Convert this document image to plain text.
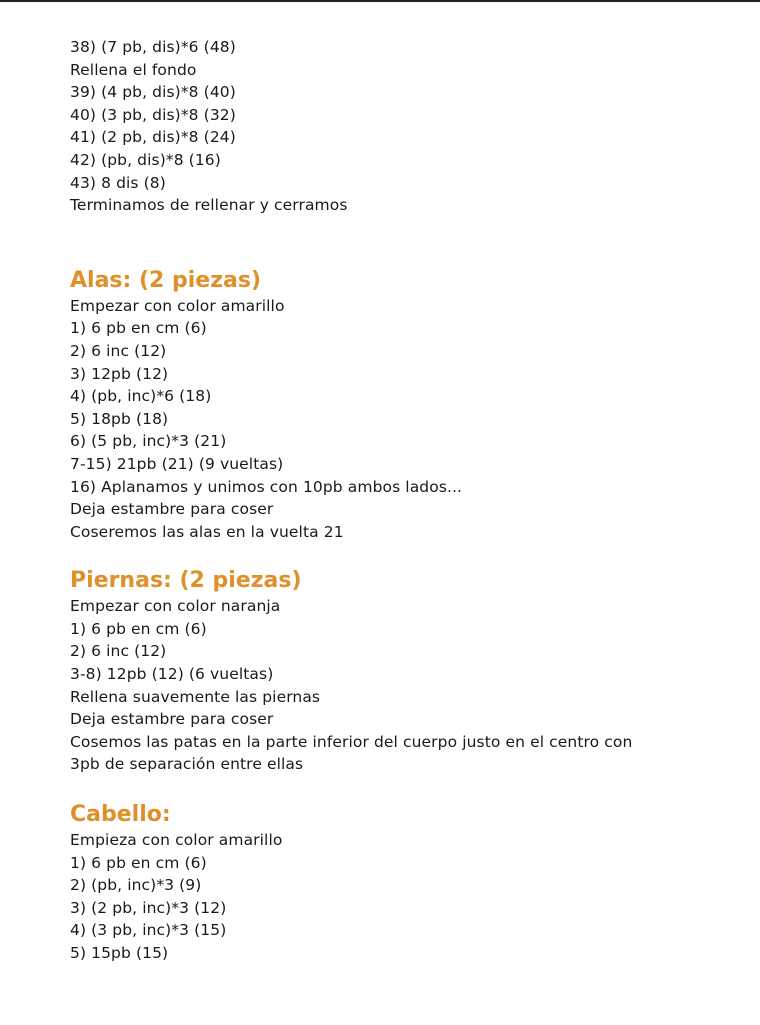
38) (7 pb, dis)*6 (48)
Rellena el fondo
39) (4 pb, dis)*8 (40)
40) (3 pb, dis)*8 (32)
41) (2 pb, dis)*8 (24)
42) (pb, dis)*8 (16)
43) 8 dis (8)
Terminamos de rellenar y cerramos
Alas: (2 piezas)
Empezar con color amarillo
1) 6 pb en cm (6)
2) 6 inc (12)
3) 12pb (12)
4) (pb, inc)*6 (18)
5) 18pb (18)
6) (5 pb, inc)*3 (21)
7-15) 21pb (21) (9 vueltas)
16) Aplanamos y unimos con 10pb ambos lados...
Deja estambre para coser
Coseremos las alas en la vuelta 21
Piernas: (2 piezas)
Empezar con color naranja
1) 6 pb en cm (6)
2) 6 inc (12)
3-8) 12pb (12) (6 vueltas)
Rellena suavemente las piernas
Deja estambre para coser
Cosemos las patas en la parte inferior del cuerpo justo en el centro con
3pb de separación entre ellas
Cabello:
Empieza con color amarillo
1) 6 pb en cm (6)
2) (pb, inc)*3 (9)
3) (2 pb, inc)*3 (12)
4) (3 pb, inc)*3 (15)
5) 15pb (15)
